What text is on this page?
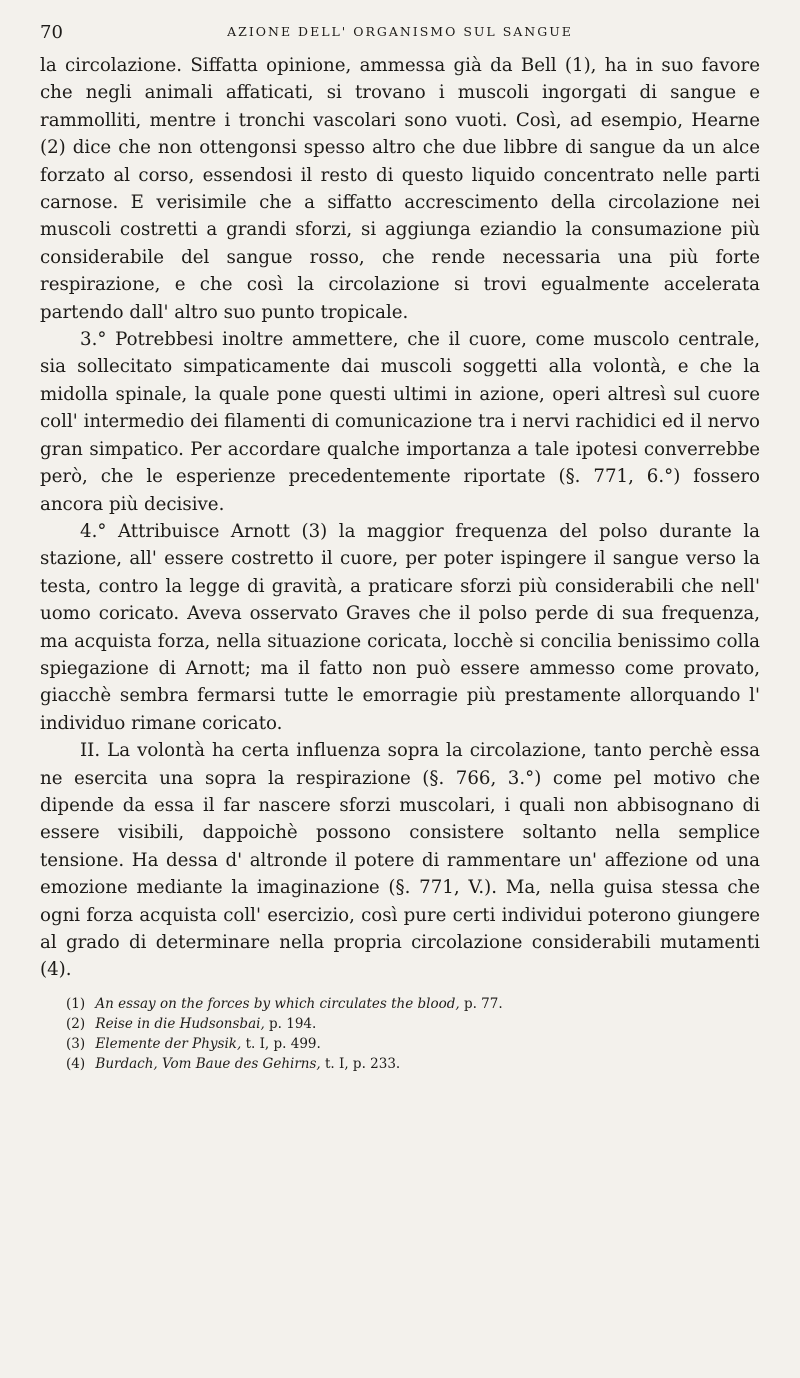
70	AZIONE DELL' ORGANISMO SUL SANGUE

la circolazione. Siffatta opinione, ammessa già da Bell (1), ha in suo favore che negli animali affaticati, si trovano i muscoli ingorgati di sangue e rammolliti, mentre i tronchi vascolari sono vuoti. Così, ad esempio, Hearne (2) dice che non ottengonsi spesso altro che due libbre di sangue da un alce forzato al corso, essendosi il resto di questo liquido concentrato nelle parti carnose. E verisimile che a siffatto accrescimento della circolazione nei muscoli costretti a grandi sforzi, si aggiunga eziandio la consumazione più considerabile del sangue rosso, che rende necessaria una più forte respirazione, e che così la circolazione si trovi egualmente accelerata partendo dall' altro suo punto tropicale.

3.° Potrebbesi inoltre ammettere, che il cuore, come muscolo centrale, sia sollecitato simpaticamente dai muscoli soggetti alla volontà, e che la midolla spinale, la quale pone questi ultimi in azione, operi altresì sul cuore coll' intermedio dei filamenti di comunicazione tra i nervi rachidici ed il nervo gran simpatico. Per accordare qualche importanza a tale ipotesi converrebbe però, che le esperienze precedentemente riportate (§. 771, 6.°) fossero ancora più decisive.

4.° Attribuisce Arnott (3) la maggior frequenza del polso durante la stazione, all' essere costretto il cuore, per poter ispingere il sangue verso la testa, contro la legge di gravità, a praticare sforzi più considerabili che nell' uomo coricato. Aveva osservato Graves che il polso perde di sua frequenza, ma acquista forza, nella situazione coricata, locchè si concilia benissimo colla spiegazione di Arnott; ma il fatto non può essere ammesso come provato, giacchè sembra fermarsi tutte le emorragie più prestamente allorquando l' individuo rimane coricato.

II. La volontà ha certa influenza sopra la circolazione, tanto perchè essa ne esercita una sopra la respirazione (§. 766, 3.°) come pel motivo che dipende da essa il far nascere sforzi muscolari, i quali non abbisognano di essere visibili, dappoichè possono consistere soltanto nella semplice tensione. Ha dessa d' altronde il potere di rammentare un' affezione od una emozione mediante la imaginazione (§. 771, V.). Ma, nella guisa stessa che ogni forza acquista coll' esercizio, così pure certi individui poterono giungere al grado di determinare nella propria circolazione considerabili mutamenti (4).

(1) An essay on the forces by which circulates the blood, p. 77.

(2) Reise in die Hudsonsbai, p. 194.

(3) Elemente der Physik, t. I, p. 499.

(4) Burdach, Vom Baue des Gehirns, t. I, p. 233.
